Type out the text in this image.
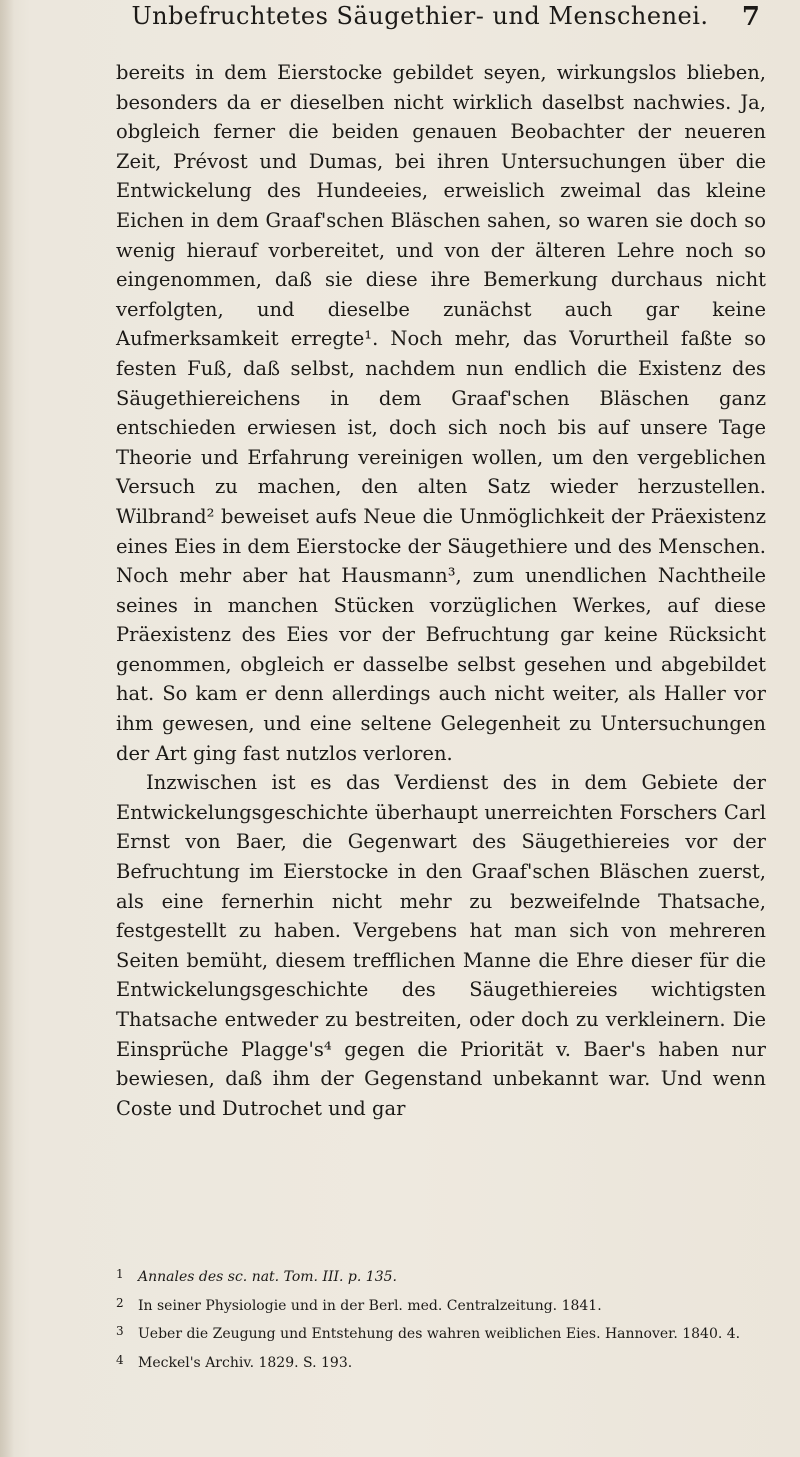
Unbefruchtetes Säugethier- und Menschenei.	7

bereits in dem Eierstocke gebildet seyen, wirkungslos blieben, besonders da er dieselben nicht wirklich daselbst nachwies. Ja, obgleich ferner die beiden genauen Beobachter der neueren Zeit, Prévost und Dumas, bei ihren Untersuchungen über die Entwickelung des Hundeeies, erweislich zweimal das kleine Eichen in dem Graaf'schen Bläschen sahen, so waren sie doch so wenig hierauf vorbereitet, und von der älteren Lehre noch so eingenommen, daß sie diese ihre Bemerkung durchaus nicht verfolgten, und dieselbe zunächst auch gar keine Aufmerksamkeit erregte¹. Noch mehr, das Vorurtheil faßte so festen Fuß, daß selbst, nachdem nun endlich die Existenz des Säugethiereichens in dem Graaf'schen Bläschen ganz entschieden erwiesen ist, doch sich noch bis auf unsere Tage Theorie und Erfahrung vereinigen wollen, um den vergeblichen Versuch zu machen, den alten Satz wieder herzustellen. Wilbrand² beweiset aufs Neue die Unmöglichkeit der Präexistenz eines Eies in dem Eierstocke der Säugethiere und des Menschen. Noch mehr aber hat Hausmann³, zum unendlichen Nachtheile seines in manchen Stücken vorzüglichen Werkes, auf diese Präexistenz des Eies vor der Befruchtung gar keine Rücksicht genommen, obgleich er dasselbe selbst gesehen und abgebildet hat. So kam er denn allerdings auch nicht weiter, als Haller vor ihm gewesen, und eine seltene Gelegenheit zu Untersuchungen der Art ging fast nutzlos verloren.

Inzwischen ist es das Verdienst des in dem Gebiete der Entwickelungsgeschichte überhaupt unerreichten Forschers Carl Ernst von Baer, die Gegenwart des Säugethiereies vor der Befruchtung im Eierstocke in den Graaf'schen Bläschen zuerst, als eine fernerhin nicht mehr zu bezweifelnde Thatsache, festgestellt zu haben. Vergebens hat man sich von mehreren Seiten bemüht, diesem trefflichen Manne die Ehre dieser für die Entwickelungsgeschichte des Säugethiereies wichtigsten Thatsache entweder zu bestreiten, oder doch zu verkleinern. Die Einsprüche Plagge's⁴ gegen die Priorität v. Baer's haben nur bewiesen, daß ihm der Gegenstand unbekannt war. Und wenn Coste und Dutrochet und gar

1 Annales des sc. nat. Tom. III. p. 135.

2 In seiner Physiologie und in der Berl. med. Centralzeitung. 1841.

3 Ueber die Zeugung und Entstehung des wahren weiblichen Eies. Hannover. 1840. 4.

4 Meckel's Archiv. 1829. S. 193.
